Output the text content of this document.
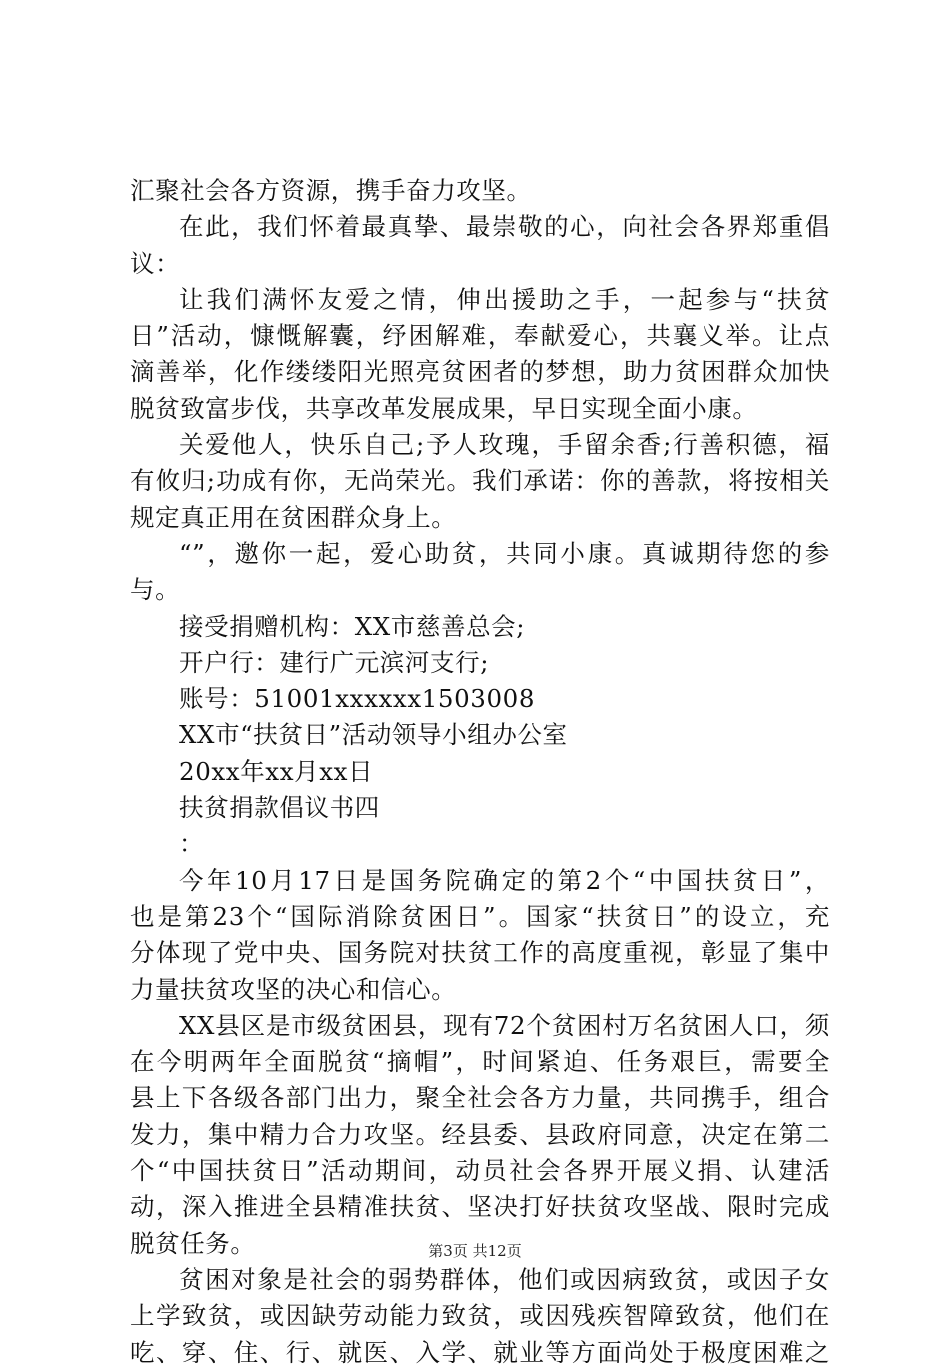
汇聚社会各方资源，携手奋力攻坚。
在此，我们怀着最真挚、最崇敬的心，向社会各界郑重倡
议：
让我们满怀友爱之情，伸出援助之手，一起参与“扶贫
日”活动，慷慨解囊，纾困解难，奉献爱心，共襄义举。让点
滴善举，化作缕缕阳光照亮贫困者的梦想，助力贫困群众加快
脱贫致富步伐，共享改革发展成果，早日实现全面小康。
关爱他人，快乐自己;予人玫瑰，手留余香;行善积德，福
有攸归;功成有你，无尚荣光。我们承诺：你的善款，将按相关
规定真正用在贫困群众身上。
“”，邀你一起，爱心助贫，共同小康。真诚期待您的参
与。
接受捐赠机构：XX市慈善总会;
开户行：建行广元滨河支行;
账号：51001xxxxxx1503008
XX市“扶贫日”活动领导小组办公室
20xx年xx月xx日
扶贫捐款倡议书四
：
今年10月17日是国务院确定的第2个“中国扶贫日”，
也是第23个“国际消除贫困日”。国家“扶贫日”的设立，充
分体现了党中央、国务院对扶贫工作的高度重视，彰显了集中
力量扶贫攻坚的决心和信心。
XX县区是市级贫困县，现有72个贫困村万名贫困人口，须
在今明两年全面脱贫“摘帽”，时间紧迫、任务艰巨，需要全
县上下各级各部门出力，聚全社会各方力量，共同携手，组合
发力，集中精力合力攻坚。经县委、县政府同意，决定在第二
个“中国扶贫日”活动期间，动员社会各界开展义捐、认建活
动，深入推进全县精准扶贫、坚决打好扶贫攻坚战、限时完成
脱贫任务。
贫困对象是社会的弱势群体，他们或因病致贫，或因子女
上学致贫，或因缺劳动能力致贫，或因残疾智障致贫，他们在
吃、穿、住、行、就医、入学、就业等方面尚处于极度困难之
第3页 共12页
